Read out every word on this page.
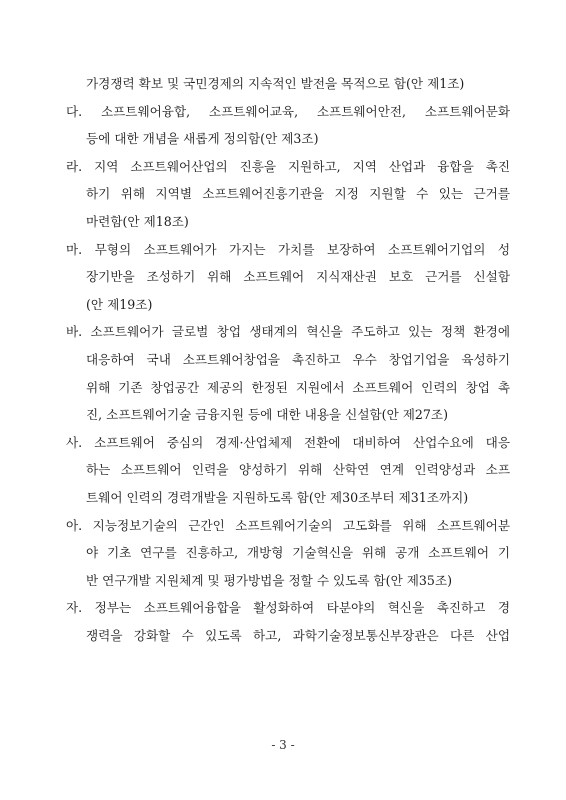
가경쟁력 확보 및 국민경제의 지속적인 발전을 목적으로 함(안 제1조)
다. 소프트웨어융합, 소프트웨어교육, 소프트웨어안전, 소프트웨어문화
등에 대한 개념을 새롭게 정의함(안 제3조)
라. 지역 소프트웨어산업의 진흥을 지원하고, 지역 산업과 융합을 촉진
하기 위해 지역별 소프트웨어진흥기관을 지정 지원할 수 있는 근거를
마련함(안 제18조)
마. 무형의 소프트웨어가 가지는 가치를 보장하여 소프트웨어기업의 성
장기반을 조성하기 위해 소프트웨어 지식재산권 보호 근거를 신설함
(안 제19조)
바. 소프트웨어가 글로벌 창업 생태계의 혁신을 주도하고 있는 정책 환경에
대응하여 국내 소프트웨어창업을 촉진하고 우수 창업기업을 육성하기
위해 기존 창업공간 제공의 한정된 지원에서 소프트웨어 인력의 창업 촉
진, 소프트웨어기술 금융지원 등에 대한 내용을 신설함(안 제27조)
사. 소프트웨어 중심의 경제·산업체제 전환에 대비하여 산업수요에 대응
하는 소프트웨어 인력을 양성하기 위해 산학연 연계 인력양성과 소프
트웨어 인력의 경력개발을 지원하도록 함(안 제30조부터 제31조까지)
아. 지능정보기술의 근간인 소프트웨어기술의 고도화를 위해 소프트웨어분
야 기초 연구를 진흥하고, 개방형 기술혁신을 위해 공개 소프트웨어 기
반 연구개발 지원체계 및 평가방법을 정할 수 있도록 함(안 제35조)
자. 정부는 소프트웨어융합을 활성화하여 타분야의 혁신을 촉진하고 경
쟁력을 강화할 수 있도록 하고, 과학기술정보통신부장관은 다른 산업
- 3 -
